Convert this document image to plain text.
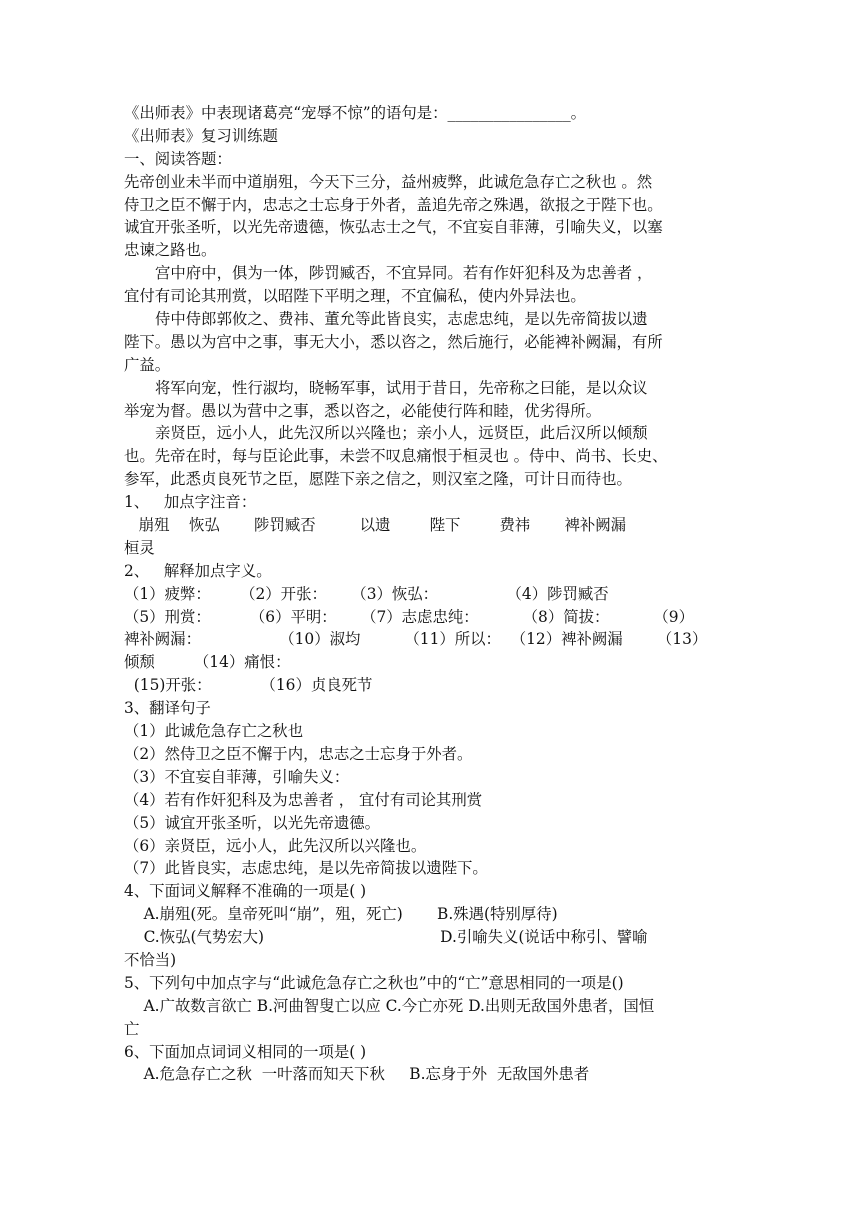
《出师表》中表现诸葛亮“宠辱不惊”的语句是：________________。
《出师表》复习训练题
一、阅读答题：
先帝创业未半而中道崩殂，今天下三分，益州疲弊，此诚危急存亡之秋也 。然
侍卫之臣不懈于内，忠志之士忘身于外者，盖追先帝之殊遇，欲报之于陛下也。
诚宜开张圣听，以光先帝遗德，恢弘志士之气，不宜妄自菲薄，引喻失义，以塞
忠谏之路也。
宫中府中，俱为一体，陟罚臧否，不宜异同。若有作奸犯科及为忠善者 ，
宜付有司论其刑赏，以昭陛下平明之理，不宜偏私，使内外异法也。
侍中侍郎郭攸之、费祎、董允等此皆良实，志虑忠纯，是以先帝简拔以遗
陛下。愚以为宫中之事，事无大小，悉以咨之，然后施行，必能裨补阙漏，有所
广益。
将军向宠，性行淑均，晓畅军事，试用于昔日，先帝称之曰能，是以众议
举宠为督。愚以为营中之事，悉以咨之，必能使行阵和睦，优劣得所。
亲贤臣，远小人，此先汉所以兴隆也；亲小人，远贤臣，此后汉所以倾颓
也。先帝在时，每与臣论此事，未尝不叹息痛恨于桓灵也 。侍中、尚书、长史、
参军，此悉贞良死节之臣，愿陛下亲之信之，则汉室之隆，可计日而待也。
1、   加点字注音：
崩殂    恢弘       陟罚臧否         以遗        陛下        费祎       裨补阙漏
桓灵
2、   解释加点字义。
（1）疲弊：      （2）开张：     （3）恢弘：              （4）陟罚臧否
（5）刑赏：        （6）平明：     （7）志虑忠纯：         （8）简拔：         （9）
裨补阙漏：                （10）淑均         （11）所以：  （12）裨补阙漏       （13）
倾颓        （14）痛恨：
(15)开张：          （16）贞良死节
3、翻译句子
（1）此诚危急存亡之秋也
（2）然侍卫之臣不懈于内，忠志之士忘身于外者。
（3）不宜妄自菲薄，引喻失义：
（4）若有作奸犯科及为忠善者 ， 宜付有司论其刑赏
（5）诚宜开张圣听，以光先帝遗德。
（6）亲贤臣，远小人，此先汉所以兴隆也。
（7）此皆良实，志虑忠纯，是以先帝简拔以遗陛下。
4、下面词义解释不准确的一项是( )
A.崩殂(死。皇帝死叫“崩”，殂，死亡)       B.殊遇(特别厚待)
C.恢弘(气势宏大)                                    D.引喻失义(说话中称引、譬喻
不恰当)
5、下列句中加点字与“此诚危急存亡之秋也”中的“亡”意思相同的一项是()
A.广故数言欲亡 B.河曲智叟亡以应 C.今亡亦死 D.出则无敌国外患者，国恒
亡
6、下面加点词词义相同的一项是( )
A.危急存亡之秋  一叶落而知天下秋     B.忘身于外  无敌国外患者
